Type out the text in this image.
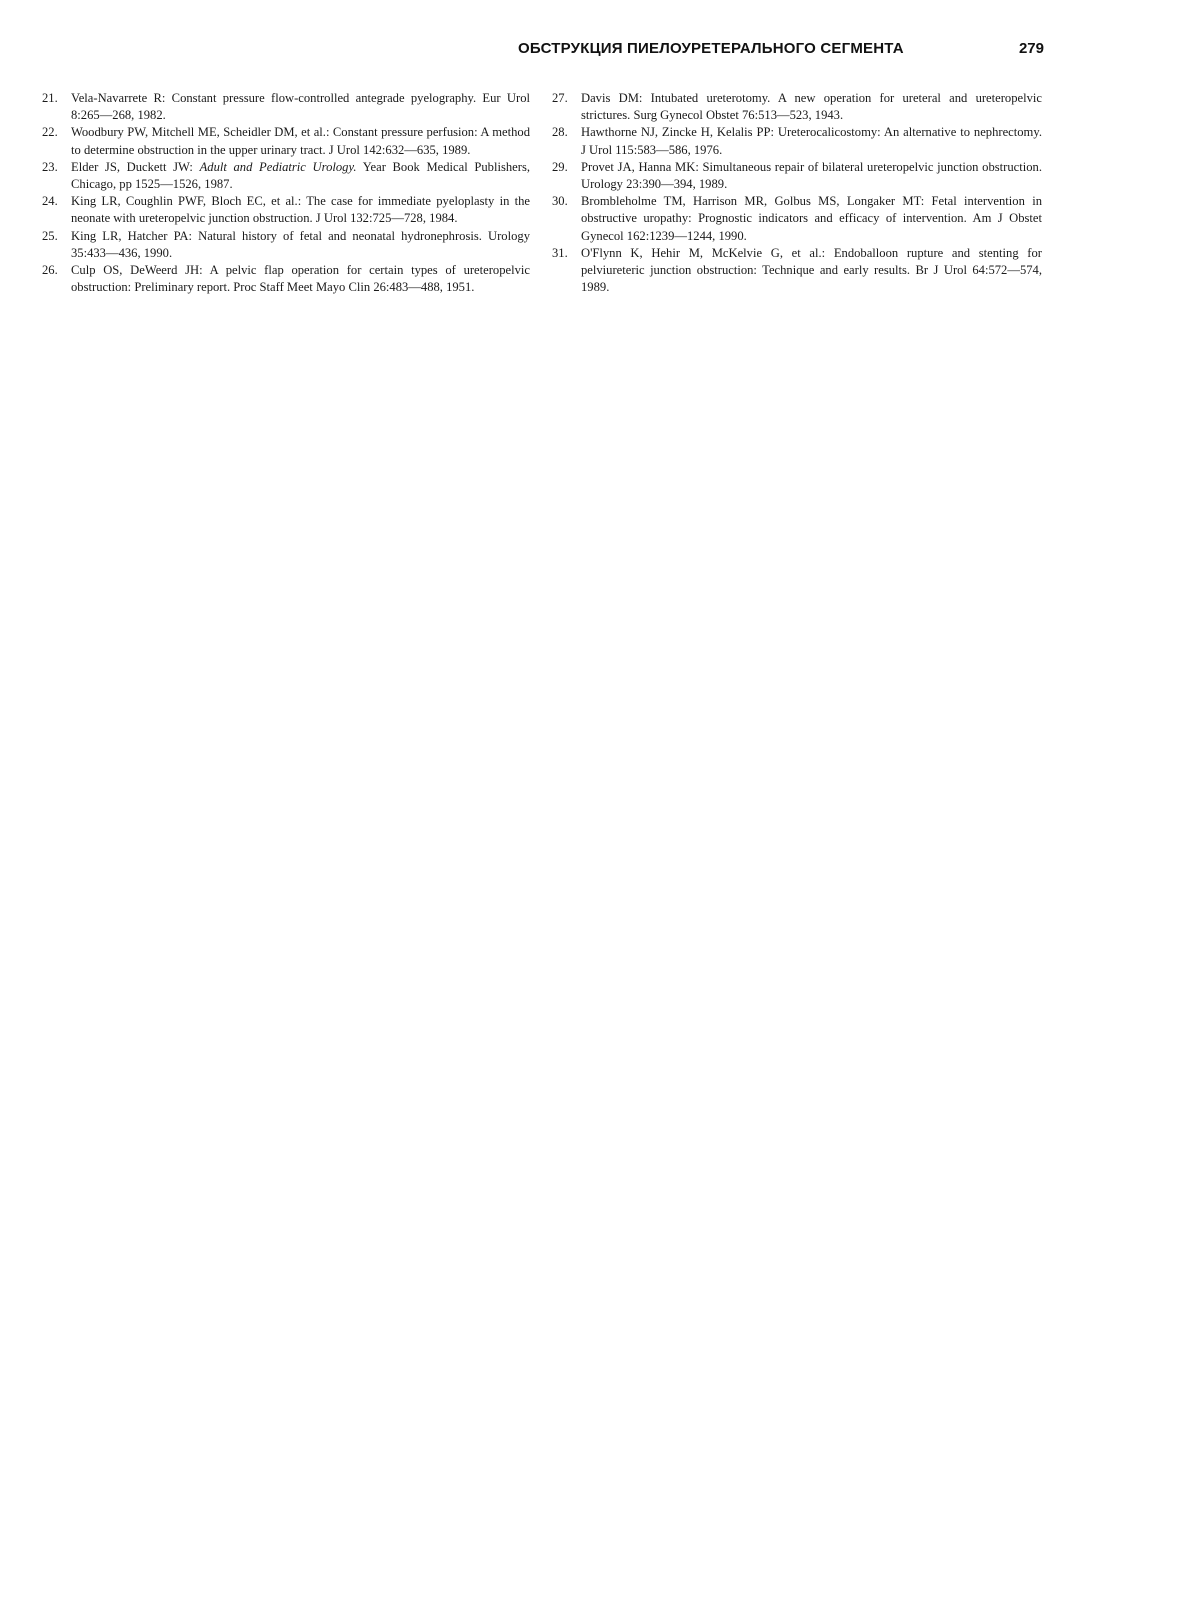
ОБСТРУКЦИЯ ПИЕЛОУРЕТЕРАЛЬНОГО СЕГМЕНТА	279
21.	Vela-Navarrete R: Constant pressure flow-controlled antegrade pyelography. Eur Urol 8:265—268, 1982.
22.	Woodbury PW, Mitchell ME, Scheidler DM, et al.: Constant pressure perfusion: A method to determine obstruction in the upper urinary tract. J Urol 142:632—635, 1989.
23.	Elder JS, Duckett JW: Adult and Pediatric Urology. Year Book Medical Publishers, Chicago, pp 1525—1526, 1987.
24.	King LR, Coughlin PWF, Bloch EC, et al.: The case for immediate pyeloplasty in the neonate with ureteropelvic junction obstruction. J Urol 132:725—728, 1984.
25.	King LR, Hatcher PA: Natural history of fetal and neonatal hydronephrosis. Urology 35:433—436, 1990.
26.	Culp OS, DeWeerd JH: A pelvic flap operation for certain types of ureteropelvic obstruction: Preliminary report. Proc Staff Meet Mayo Clin 26:483—488, 1951.
27.	Davis DM: Intubated ureterotomy. A new operation for ureteral and ureteropelvic strictures. Surg Gynecol Obstet 76:513—523, 1943.
28.	Hawthorne NJ, Zincke H, Kelalis PP: Ureterocalicostomy: An alternative to nephrectomy. J Urol 115:583—586, 1976.
29.	Provet JA, Hanna MK: Simultaneous repair of bilateral ureteropelvic junction obstruction. Urology 23:390—394, 1989.
30.	Brombleholme TM, Harrison MR, Golbus MS, Longaker MT: Fetal intervention in obstructive uropathy: Prognostic indicators and efficacy of intervention. Am J Obstet Gynecol 162:1239—1244, 1990.
31.	O'Flynn K, Hehir M, McKelvie G, et al.: Endoballoon rupture and stenting for pelviureteric junction obstruction: Technique and early results. Br J Urol 64:572—574, 1989.
